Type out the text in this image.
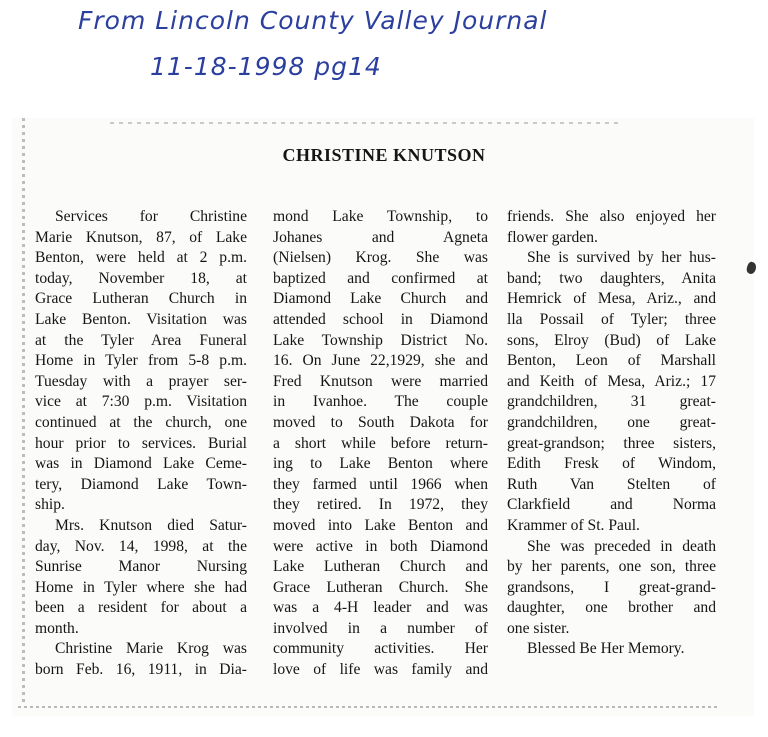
From Lincoln County Valley Journal
11-18-1998 pg14
CHRISTINE KNUTSON
Services for Christine
Marie Knutson, 87, of Lake
Benton, were held at 2 p.m.
today, November 18, at
Grace Lutheran Church in
Lake Benton. Visitation was
at the Tyler Area Funeral
Home in Tyler from 5-8 p.m.
Tuesday with a prayer ser-
vice at 7:30 p.m. Visitation
continued at the church, one
hour prior to services. Burial
was in Diamond Lake Ceme-
tery, Diamond Lake Town-
ship.
Mrs. Knutson died Satur-
day, Nov. 14, 1998, at the
Sunrise Manor Nursing
Home in Tyler where she had
been a resident for about a
month.
Christine Marie Krog was
born Feb. 16, 1911, in Dia-
mond Lake Township, to
Johanes and Agneta
(Nielsen) Krog. She was
baptized and confirmed at
Diamond Lake Church and
attended school in Diamond
Lake Township District No.
16. On June 22,1929, she and
Fred Knutson were married
in Ivanhoe. The couple
moved to South Dakota for
a short while before return-
ing to Lake Benton where
they farmed until 1966 when
they retired. In 1972, they
moved into Lake Benton and
were active in both Diamond
Lake Lutheran Church and
Grace Lutheran Church. She
was a 4-H leader and was
involved in a number of
community activities. Her
love of life was family and
friends. She also enjoyed her
flower garden.
She is survived by her hus-
band; two daughters, Anita
Hemrick of Mesa, Ariz., and
lla Possail of Tyler; three
sons, Elroy (Bud) of Lake
Benton, Leon of Marshall
and Keith of Mesa, Ariz.; 17
grandchildren, 31 great-
grandchildren, one great-
great-grandson; three sisters,
Edith Fresk of Windom,
Ruth Van Stelten of
Clarkfield and Norma
Krammer of St. Paul.
She was preceded in death
by her parents, one son, three
grandsons, I great-grand-
daughter, one brother and
one sister.
Blessed Be Her Memory.
